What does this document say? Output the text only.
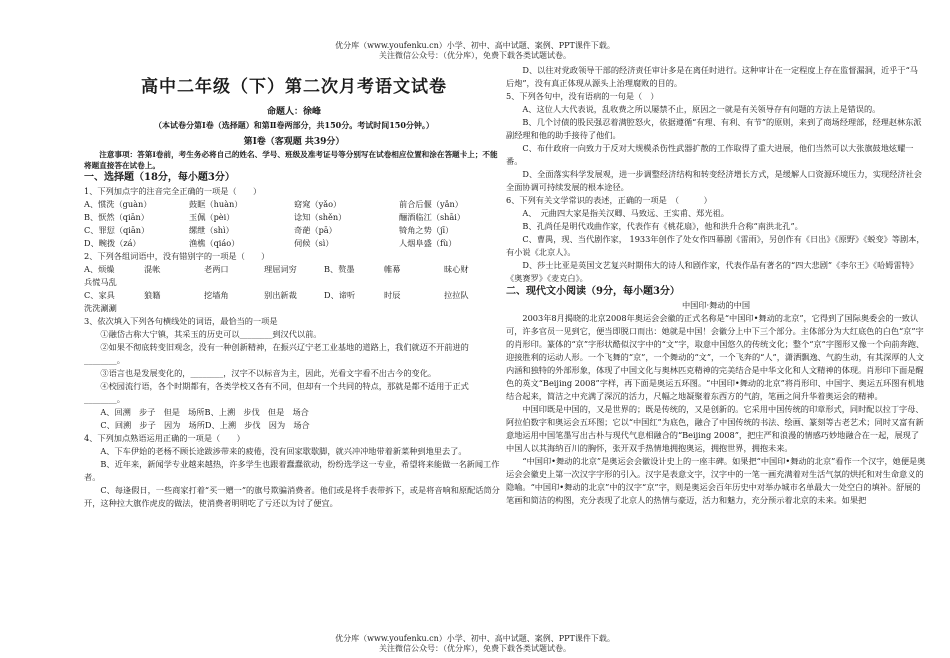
优分库（www.youfenku.cn）小学、初中、高中试题、案例、PPT课件下载。
关注微信公众号：（优分库），免费下载各类试题试卷。

高中二年级（下）第二次月考语文试卷

命题人：徐峰

（本试卷分第Ⅰ卷（选择题）和第Ⅱ卷两部分，共150分。考试时间150分钟。）

第Ⅰ卷（客观题 共39分）

注意事项：答第Ⅰ卷前，考生务必将自己的姓名、学号、班级及准考证号等分别写在试卷相应位置和涂在答题卡上；不能将题直接答在试卷上。

一、选择题（18分，每小题3分）

1、下列加点字的注音完全正确的一项是（　　）

A、惯洗（guàn）	鼓眶（huàn）	窈窕（yǎo）	前合后偃（yǎn）
B、恹然（qiān）	玉佩（pèi）	谂知（shěn）	酾酒临江（shāi）
C、罪愆（qiān）	缧绁（shì）	奇葩（pā）	犄角之势（jī）
D、畹拨（zá）	渔樵（qiáo）	伺候（sì）	人烟阜盛（fù）

2、下列各组词语中，没有错别字的一项是（　　）

A、烦燥	混帐	老两口	理屈词穷	B、赘墨	帷幕	昧心财

兵慌马乱

C、家具	狼籍	挖墙角	别出新裁	D、谛听	时辰	拉拉队

洗洗涮涮

3、依次填入下列各句横线处的词语，最恰当的一项是

①融岱古称大宁镇，其采玉的历史可以________到汉代以前。

②如果不彻底转变旧观念，没有一种创新精神，在振兴辽宁老工业基地的道路上，我们就迈不开前进的________。

③语言也是发展变化的，________，汉字不以标音为主，因此，光看文字看不出古今的变化。

④校园流行语，各个时期都有，各类学校又各有不同，但却有一个共同的特点，那就是都不适用于正式________。

A、回溯　步子　但是　场所B、上溯　步伐　但是　场合

C、回溯　步子　因为　场所D、上溯　步伐　因为　场合

4、下列加点熟语运用正确的一项是（　　）

A、下车伊始的老杨不顾长途跋涉带来的疲倦，没有回家歇歇脚，就兴冲冲地带着新菜种到地里去了。

B、近年来，新闻学专业越来越热，许多学生也跟着蠢蠢欲动，纷纷选学这一专业，希望将来能做一名新闻工作者。

C、每逢假日，一些商家打着“买一赠一”的旗号欺骗消费者。他们或是将手表带拆下，或是将音响和原配话筒分开，这种拉大旗作虎皮的做法，使消费者明明吃了亏还以为讨了便宜。

D、以往对党政领导干部的经济责任审计多是在离任时进行。这种审计在一定程度上存在监督漏洞，近乎于“马后炮”，没有真正体现从源头上治理腐败的目的。

5、下列各句中，没有语病的一句是（　）

A、这位人大代表说，乱收费之所以屡禁不止，原因之一就是有关领导存有问题的方法上是错误的。

B、几个讨债的股民强忍着满腔怒火，依据遵循“有理、有利、有节”的原则，来到了商场经理部，经理赵林东派副经理和他的助手接待了他们。

C、布什政府一向致力于反对大规模杀伤性武器扩散的工作取得了重大进展，他们当然可以大张旗鼓地炫耀一番。

D、全面落实科学发展观，进一步调整经济结构和转变经济增长方式，是缓解人口资源环境压力，实现经济社会全面协调可持续发展的根本途径。

6、下列有关文学常识的表述，正确的一项是　（　　　）

A、　元曲四大家是指关汉卿、马致远、王实甫、郑光祖。

B、孔尚任是明代戏曲作家，代表作有《桃花扇》，他和洪升合称“南洪北孔”。

C、曹禺，现、当代剧作家， 1933年创作了处女作四幕剧《雷雨》，另创作有《日出》《原野》《蜕变》等剧本，有小说《北京人》。

D、莎士比亚是英国文艺复兴时期伟大的诗人和剧作家，代表作品有著名的“四大悲剧”《李尔王》《哈姆雷特》《奥赛罗》《麦克白》。

二、现代文小阅读（9分，每小题3分）

中国印·舞动的中国

2003年8月揭晓的北京2008年奥运会会徽的正式名称是“中国印•舞动的北京”，它得到了国际奥委会的一致认可，许多官员一见到它，便当即脱口而出：她就是中国！会徽分上中下三个部分。主体部分为大红底色的白色“京”字的肖形印。篆体的“京”字形状酷似汉字中的“文”字，取意中国悠久的传统文化；整个“京”字图形又像一个向前奔跑、迎接胜利的运动人形。一个飞舞的“京”，一个舞动的“文”，一个飞奔的“人”，潇洒飘逸、气韵生动，有其深厚的人文内涵和独特的外部形象，体现了中国文化与奥林匹克精神的完美结合是中华文化和人文精神的体现。肖形印下面是醒色的英文“Beijing 2008”字样，再下面是奥运五环图。“中国印•舞动的北京”将肖形印、中国字、奥运五环图有机地结合起来，简洁之中充满了深沉的活力，尺幅之地凝聚着东西方的气韵，笔画之间升华着奥运会的精神。

中国印既是中国的，又是世界的；既是传统的，又是创新的。它采用中国传统的印章形式，同时配以拉丁字母、阿拉伯数字和奥运会五环图；它以“中国红”为底色，融合了中国传统的书法、绘画、篆刻等古老艺术；同时又富有新意地运用中国笔墨写出古朴与现代气息相融合的“Beijing 2008”，把庄严和浪漫的情感巧妙地融合在一起，展现了中国人以其海纳百川的胸怀，张开双手热情地拥抱奥运，拥抱世界，拥抱未来。

“中国印•舞动的北京”是奥运会会徽设计史上的一座丰碑。如果把“中国印•舞动的北京”看作一个汉字，她便是奥运会会徽史上第一次汉字字形的引入。汉字是表意文字，汉字中的一笔一画充满着对生活气氛的烘托和对生命意义的隐喻。“中国印•舞动的北京”中的汉字“京”字，则是奥运会百年历史中对举办城市名单最大一处空白的填补。舒展的笔画和简洁的构图，充分表现了北京人的热情与豪迈，活力和魅力，充分预示着北京的未来。如果把

优分库（www.youfenku.cn）小学、初中、高中试题、案例、PPT课件下载。
关注微信公众号：（优分库），免费下载各类试题试卷。
